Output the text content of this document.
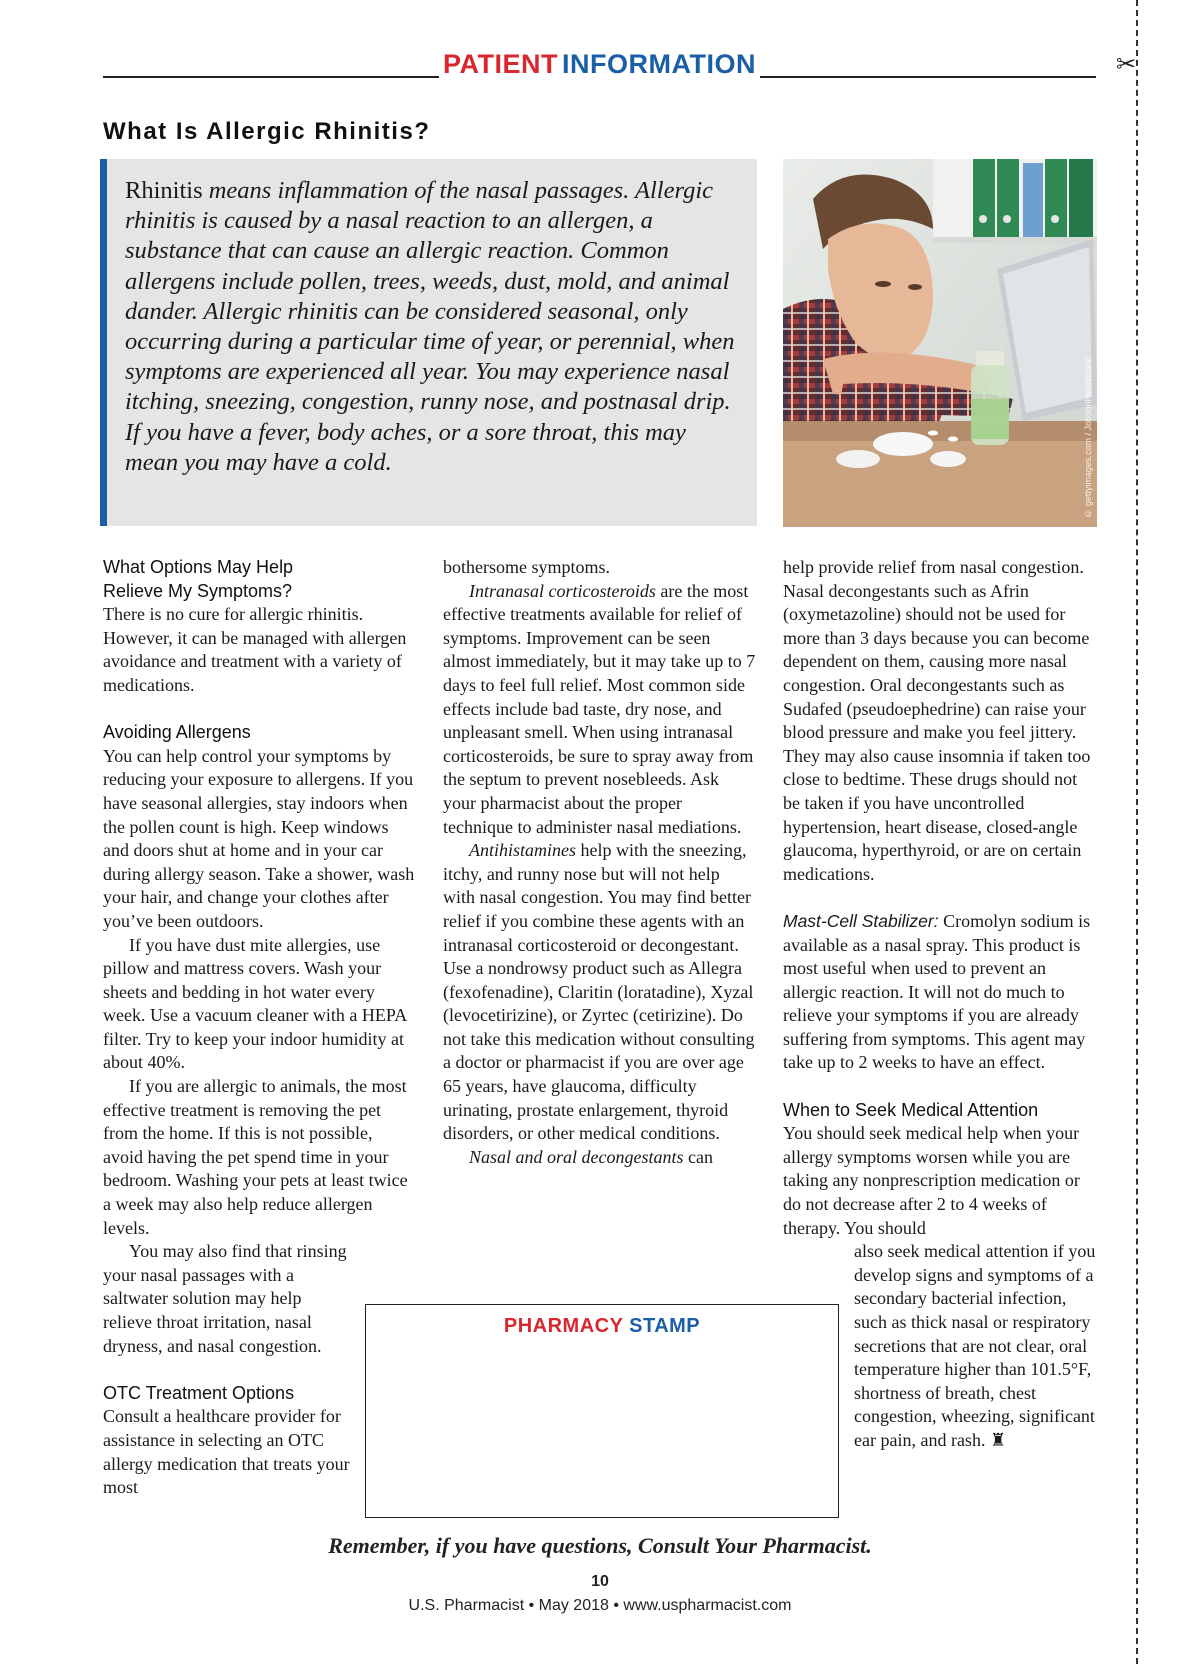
✂
PATIENT INFORMATION
What Is Allergic Rhinitis?

Rhinitis means inflammation of the nasal passages. Allergic rhinitis is caused by a nasal reaction to an allergen, a substance that can cause an allergic reaction. Common allergens include pollen, trees, weeds, dust, mold, and animal dander. Allergic rhinitis can be considered seasonal, only occurring during a particular time of year, or perennial, when symptoms are experienced all year. You may experience nasal itching, sneezing, congestion, runny nose, and postnasal drip. If you have a fever, body aches, or a sore throat, this may mean you may have a cold.	© gettyimages.com / JobsonHealthcare

What Options May Help

Relieve My Symptoms?

There is no cure for allergic rhinitis. However, it can be managed with allergen avoidance and treatment with a variety of medications.

Avoiding Allergens

You can help control your symptoms by reducing your exposure to allergens. If you have seasonal allergies, stay indoors when the pollen count is high. Keep windows and doors shut at home and in your car during allergy season. Take a shower, wash your hair, and change your clothes after you’ve been outdoors.

If you have dust mite allergies, use pillow and mattress covers. Wash your sheets and bedding in hot water every week. Use a vacuum cleaner with a HEPA filter. Try to keep your indoor humidity at about 40%.

If you are allergic to animals, the most effective treatment is removing the pet from the home. If this is not possible, avoid having the pet spend time in your bedroom. Washing your pets at least twice a week may also help reduce allergen levels.

You may also find that rinsing your nasal passages with a saltwater solution may help relieve throat irritation, nasal dryness, and nasal congestion.

OTC Treatment Options

Consult a healthcare provider for assistance in selecting an OTC allergy medication that treats your most

bothersome symptoms.

Intranasal corticosteroids are the most effective treatments available for relief of symptoms. Improvement can be seen almost immediately, but it may take up to 7 days to feel full relief. Most common side effects include bad taste, dry nose, and unpleasant smell. When using intranasal corticosteroids, be sure to spray away from the septum to prevent nosebleeds. Ask your pharmacist about the proper technique to administer nasal mediations.

Antihistamines help with the sneezing, itchy, and runny nose but will not help with nasal congestion. You may find better relief if you combine these agents with an intranasal corticosteroid or decongestant. Use a nondrowsy product such as Allegra (fexofenadine), Claritin (loratadine), Xyzal (levocetirizine), or Zyrtec (cetirizine). Do not take this medication without consulting a doctor or pharmacist if you are over age 65 years, have glaucoma, difficulty urinating, prostate enlargement, thyroid disorders, or other medical conditions.

Nasal and oral decongestants can

help provide relief from nasal congestion. Nasal decongestants such as Afrin (oxymetazoline) should not be used for more than 3 days because you can become dependent on them, causing more nasal congestion. Oral decongestants such as Sudafed (pseudoephedrine) can raise your blood pressure and make you feel jittery. They may also cause insomnia if taken too close to bedtime. These drugs should not be taken if you have uncontrolled hypertension, heart disease, closed-angle glaucoma, hyperthyroid, or are on certain medications.

Mast-Cell Stabilizer: Cromolyn sodium is available as a nasal spray. This product is most useful when used to prevent an allergic reaction. It will not do much to relieve your symptoms if you are already suffering from symptoms. This agent may take up to 2 weeks to have an effect.

When to Seek Medical Attention

You should seek medical help when your allergy symptoms worsen while you are taking any nonprescription medication or do not decrease after 2 to 4 weeks of therapy. You should

also seek medical attention if you develop signs and symptoms of a secondary bacterial infection, such as thick nasal or respiratory secretions that are not clear, oral temperature higher than 101.5°F, shortness of breath, chest congestion, wheezing, significant ear pain, and rash. ♜

PHARMACY STAMP
Remember, if you have questions, Consult Your Pharmacist.
10
U.S. Pharmacist • May 2018 • www.uspharmacist.com
